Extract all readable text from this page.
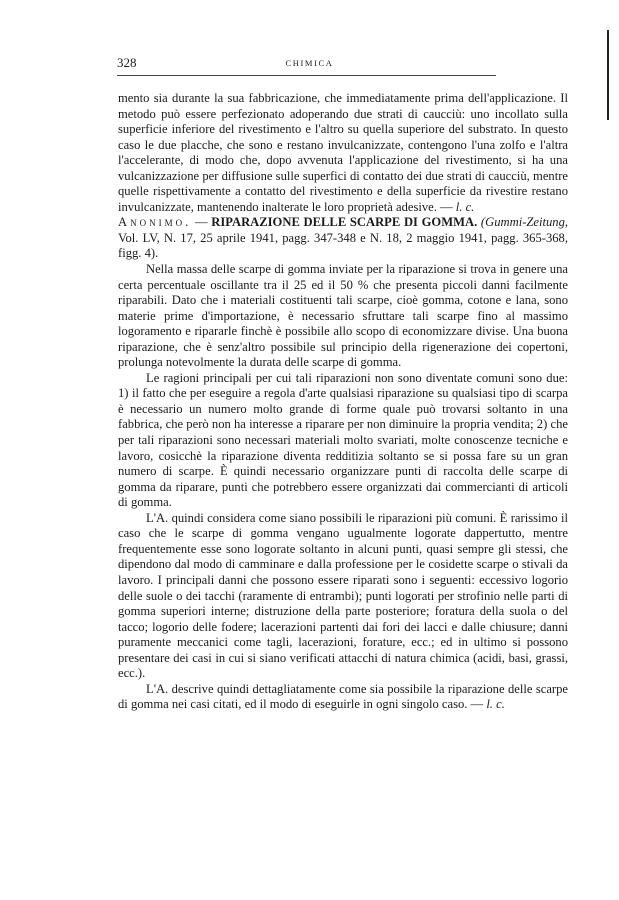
328	CHIMICA

mento sia durante la sua fabbricazione, che immediatamente prima dell'applicazione. Il metodo può essere perfezionato adoperando due strati di caucciù: uno incollato sulla superficie inferiore del rivestimento e l'altro su quella superiore del substrato. In questo caso le due placche, che sono e restano invulcanizzate, contengono l'una zolfo e l'altra l'accelerante, di modo che, dopo avvenuta l'applicazione del rivestimento, si ha una vulcanizzazione per diffusione sulle superfici di contatto dei due strati di caucciù, mentre quelle rispettivamente a contatto del rivestimento e della superficie da rivestire restano invulcanizzate, mantenendo inalterate le loro proprietà adesive. — l. c.

Anonimo. — RIPARAZIONE DELLE SCARPE DI GOMMA. (Gummi-Zeitung, Vol. LV, N. 17, 25 aprile 1941, pagg. 347-348 e N. 18, 2 maggio 1941, pagg. 365-368, figg. 4).

Nella massa delle scarpe di gomma inviate per la riparazione si trova in genere una certa percentuale oscillante tra il 25 ed il 50 % che presenta piccoli danni facilmente riparabili. Dato che i materiali costituenti tali scarpe, cioè gomma, cotone e lana, sono materie prime d'importazione, è necessario sfruttare tali scarpe fino al massimo logoramento e ripararle finchè è possibile allo scopo di economizzare divise. Una buona riparazione, che è senz'altro possibile sul principio della rigenerazione dei copertoni, prolunga notevolmente la durata delle scarpe di gomma.

Le ragioni principali per cui tali riparazioni non sono diventate comuni sono due: 1) il fatto che per eseguire a regola d'arte qualsiasi riparazione su qualsiasi tipo di scarpa è necessario un numero molto grande di forme quale può trovarsi soltanto in una fabbrica, che però non ha interesse a riparare per non diminuire la propria vendita; 2) che per tali riparazioni sono necessari materiali molto svariati, molte conoscenze tecniche e lavoro, cosicchè la riparazione diventa redditizia soltanto se si possa fare su un gran numero di scarpe. È quindi necessario organizzare punti di raccolta delle scarpe di gomma da riparare, punti che potrebbero essere organizzati dai commercianti di articoli di gomma.

L'A. quindi considera come siano possibili le riparazioni più comuni. È rarissimo il caso che le scarpe di gomma vengano ugualmente logorate dappertutto, mentre frequentemente esse sono logorate soltanto in alcuni punti, quasi sempre gli stessi, che dipendono dal modo di camminare e dalla professione per le cosidette scarpe o stivali da lavoro. I principali danni che possono essere riparati sono i seguenti: eccessivo logorio delle suole o dei tacchi (raramente di entrambi); punti logorati per strofinio nelle parti di gomma superiori interne; distruzione della parte posteriore; foratura della suola o del tacco; logorio delle fodere; lacerazioni partenti dai fori dei lacci e dalle chiusure; danni puramente meccanici come tagli, lacerazioni, forature, ecc.; ed in ultimo si possono presentare dei casi in cui si siano verificati attacchi di natura chimica (acidi, basi, grassi, ecc.).

L'A. descrive quindi dettagliatamente come sia possibile la riparazione delle scarpe di gomma nei casi citati, ed il modo di eseguirle in ogni singolo caso. — l. c.
